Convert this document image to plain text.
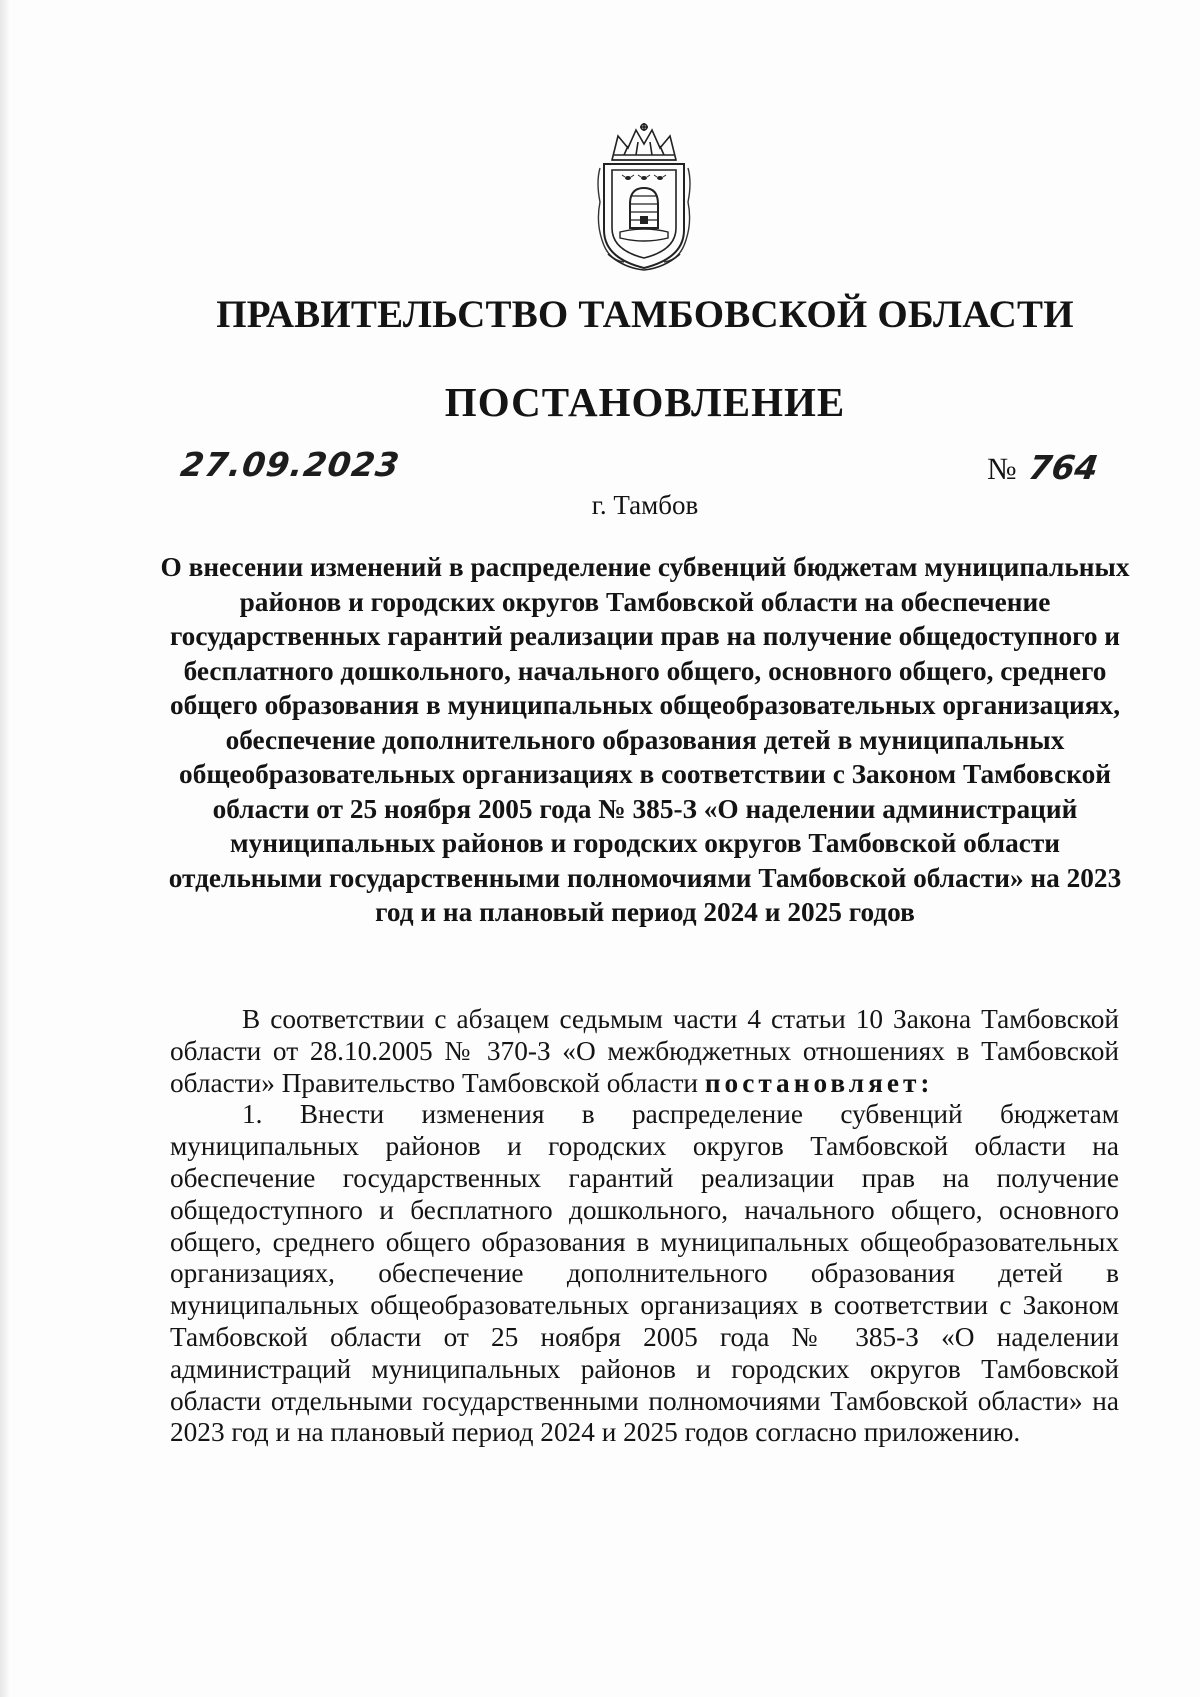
ПРАВИТЕЛЬСТВО ТАМБОВСКОЙ ОБЛАСТИ
ПОСТАНОВЛЕНИЕ
27.09.2023	№ 764
г. Тамбов

О внесении изменений в распределение субвенций бюджетам муниципальных районов и городских округов Тамбовской области на обеспечение государственных гарантий реализации прав на получение общедоступного и бесплатного дошкольного, начального общего, основного общего, среднего общего образования в муниципальных общеобразовательных организациях, обеспечение дополнительного образования детей в муниципальных общеобразовательных организациях в соответствии с Законом Тамбовской области от 25 ноября 2005 года № 385-З «О наделении администраций муниципальных районов и городских округов Тамбовской области отдельными государственными полномочиями Тамбовской области» на 2023 год и на плановый период 2024 и 2025 годов

В соответствии с абзацем седьмым части 4 статьи 10 Закона Тамбовской области от 28.10.2005 № 370-З «О межбюджетных отношениях в Тамбовской области» Правительство Тамбовской области постановляет:

1. Внести изменения в распределение субвенций бюджетам муниципальных районов и городских округов Тамбовской области на обеспечение государственных гарантий реализации прав на получение общедоступного и бесплатного дошкольного, начального общего, основного общего, среднего общего образования в муниципальных общеобразовательных организациях, обеспечение дополнительного образования детей в муниципальных общеобразовательных организациях в соответствии с Законом Тамбовской области от 25 ноября 2005 года № 385-З «О наделении администраций муниципальных районов и городских округов Тамбовской области отдельными государственными полномочиями Тамбовской области» на 2023 год и на плановый период 2024 и 2025 годов согласно приложению.
